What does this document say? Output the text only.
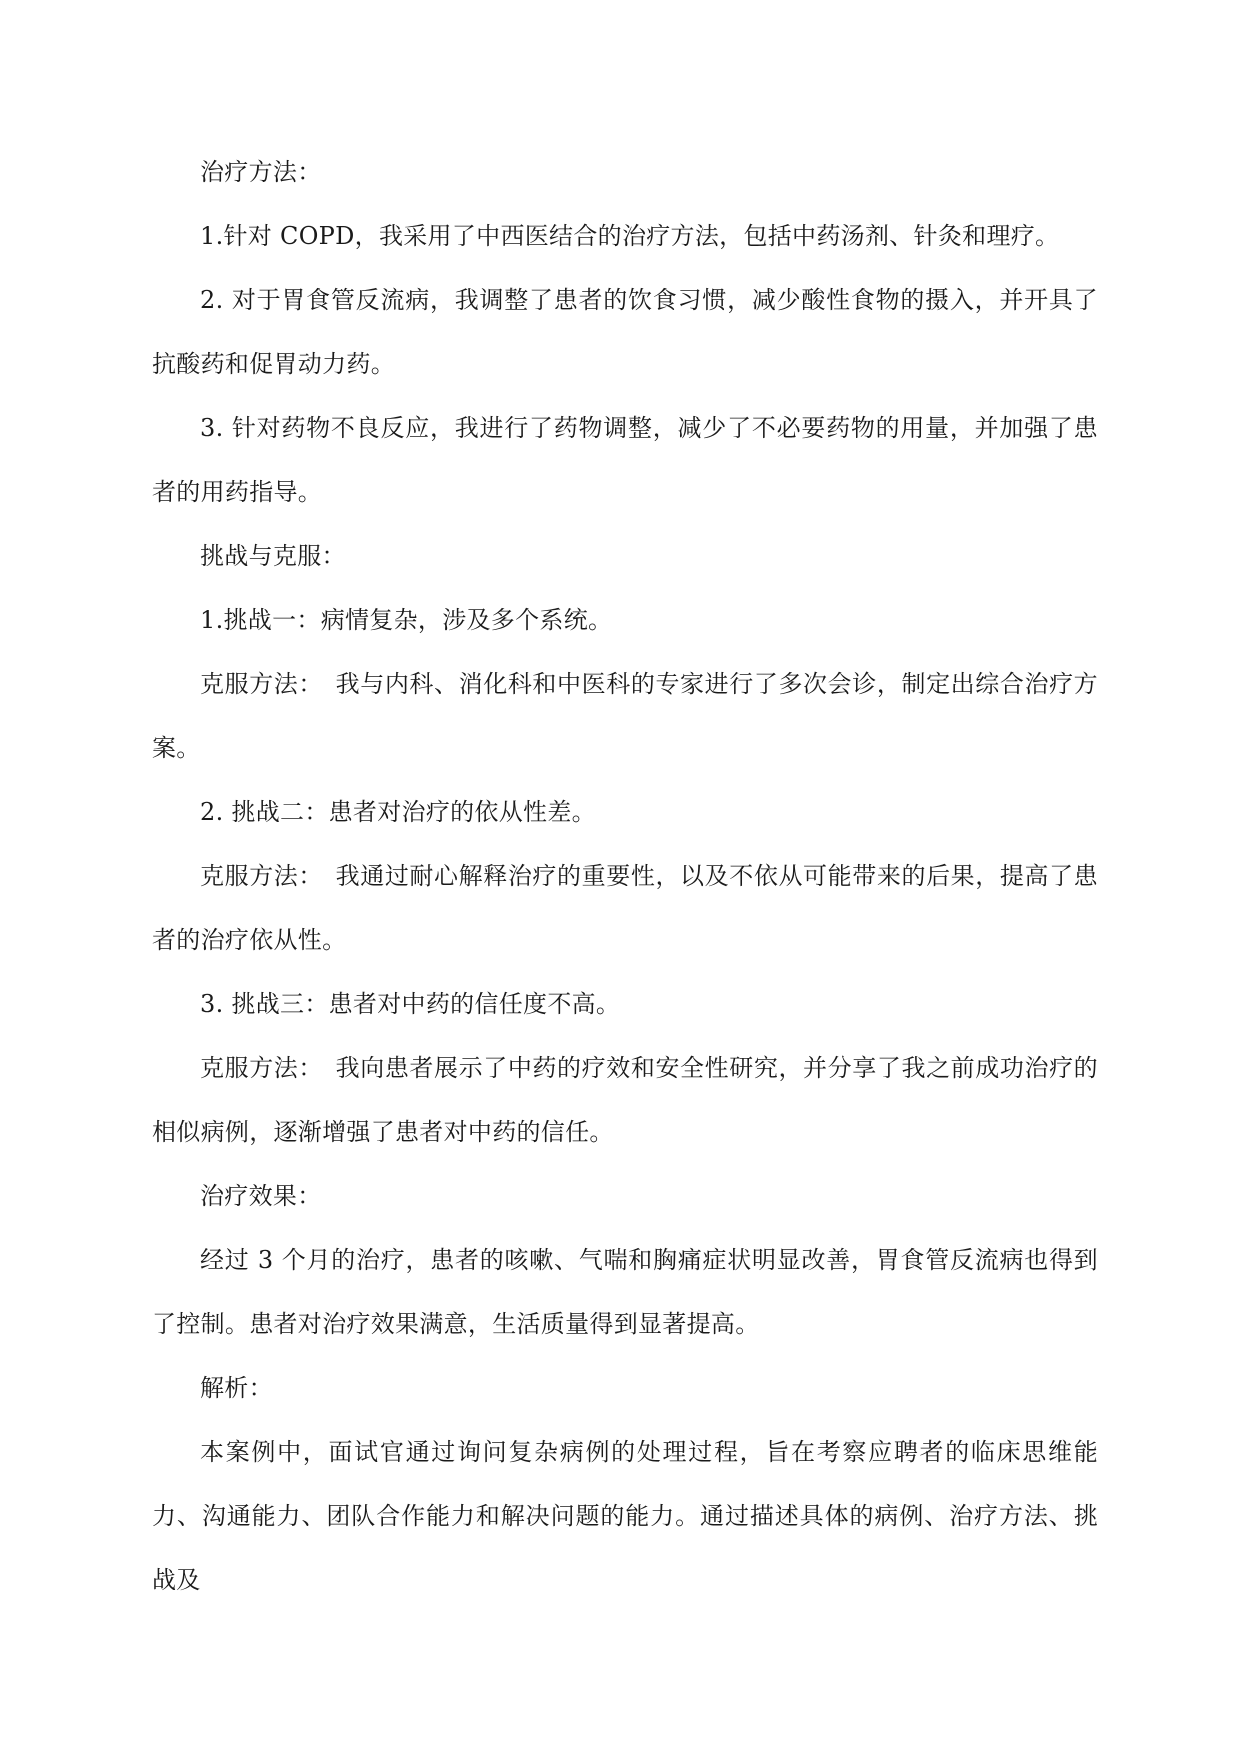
治疗方法：

1.针对 COPD，我采用了中西医结合的治疗方法，包括中药汤剂、针灸和理疗。

2. 对于胃食管反流病，我调整了患者的饮食习惯，减少酸性食物的摄入，并开具了抗酸药和促胃动力药。

3. 针对药物不良反应，我进行了药物调整，减少了不必要药物的用量，并加强了患者的用药指导。

挑战与克服：

1.挑战一：病情复杂，涉及多个系统。

克服方法：　我与内科、消化科和中医科的专家进行了多次会诊，制定出综合治疗方案。

2. 挑战二：患者对治疗的依从性差。

克服方法：　我通过耐心解释治疗的重要性，以及不依从可能带来的后果，提高了患者的治疗依从性。

3. 挑战三：患者对中药的信任度不高。

克服方法：　我向患者展示了中药的疗效和安全性研究，并分享了我之前成功治疗的相似病例，逐渐增强了患者对中药的信任。

治疗效果：

经过 3 个月的治疗，患者的咳嗽、气喘和胸痛症状明显改善，胃食管反流病也得到了控制。患者对治疗效果满意，生活质量得到显著提高。

解析：

本案例中，面试官通过询问复杂病例的处理过程，旨在考察应聘者的临床思维能力、沟通能力、团队合作能力和解决问题的能力。通过描述具体的病例、治疗方法、挑战及
